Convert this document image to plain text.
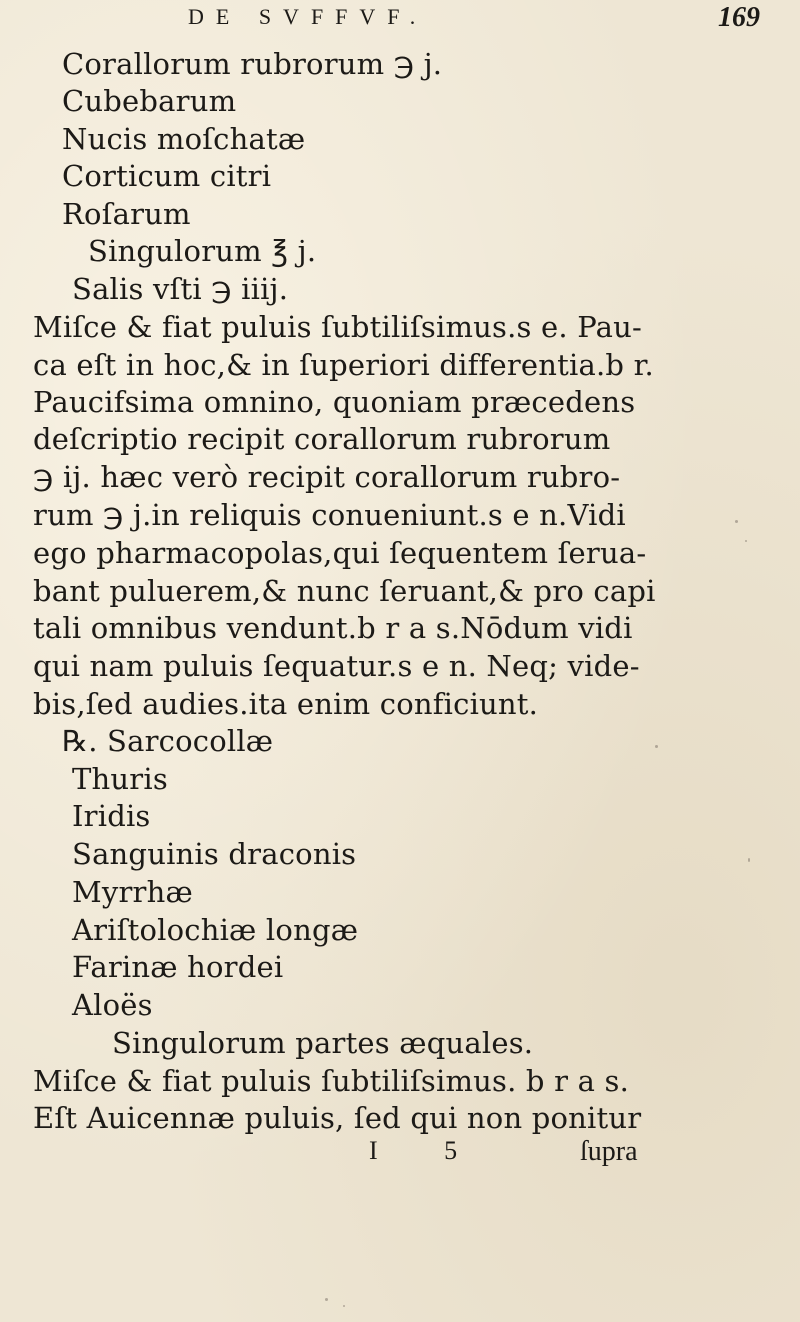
DE SVFFVF.	169
Corallorum rubrorum ℈ j.
Cubebarum
Nucis moſchatæ
Corticum citri
Roſarum
Singulorum ℥ j.
Salis vſti ℈ iiij.
Miſce & fiat puluis ſubtiliſsimus.s e. Pau-
ca eſt in hoc,& in ſuperiori differentia.b r.
Paucifsima omnino, quoniam præcedens
deſcriptio recipit corallorum rubrorum
℈ ij. hæc verò recipit corallorum rubro-
rum ℈ j.in reliquis conueniunt.s e n.Vidi
ego pharmacopolas,qui ſequentem ſerua-
bant puluerem,& nunc ſeruant,& pro capi
tali omnibus vendunt.b r a s.Nōdum vidi
qui nam puluis ſequatur.s e n. Neq; vide-
bis,ſed audies.ita enim conficiunt.
℞. Sarcocollæ
Thuris
Iridis
Sanguinis draconis
Myrrhæ
Ariſtolochiæ longæ
Farinæ hordei
Aloës
Singulorum partes æquales.
Miſce & fiat puluis ſubtiliſsimus. b r a s.
Eſt Auicennæ puluis, ſed qui non ponitur
I 5	ſupra
